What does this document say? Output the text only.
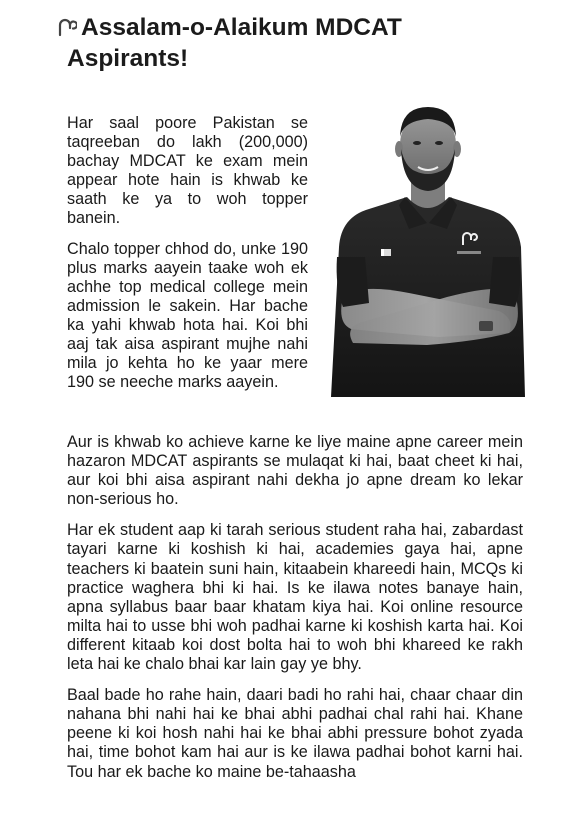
Assalam-o-Alaikum MDCAT
Aspirants!

Har saal poore Pakistan se taqreeban do lakh (200,000) bachay MDCAT ke exam mein appear hote hain is khwab ke saath ke ya to woh topper banein.

Chalo topper chhod do, unke 190 plus marks aayein taake woh ek achhe top medical college mein admission le sakein. Har bache ka yahi khwab hota hai. Koi bhi aaj tak aisa aspirant mujhe nahi mila jo kehta ho ke yaar mere 190 se neeche marks aayein.

Aur is khwab ko achieve karne ke liye maine apne career mein hazaron MDCAT aspirants se mulaqat ki hai, baat cheet ki hai, aur koi bhi aisa aspirant nahi dekha jo apne dream ko lekar non-serious ho.

Har ek student aap ki tarah serious student raha hai, zabardast tayari karne ki koshish ki hai, academies gaya hai, apne teachers ki baatein suni hain, kitaabein khareedi hain, MCQs ki practice waghera bhi ki hai. Is ke ilawa notes banaye hain, apna syllabus baar baar khatam kiya hai. Koi online resource milta hai to usse bhi woh padhai karne ki koshish karta hai. Koi different kitaab koi dost bolta hai to woh bhi khareed ke rakh leta hai ke chalo bhai kar lain gay ye bhy.

Baal bade ho rahe hain, daari badi ho rahi hai, chaar chaar din nahana bhi nahi hai ke bhai abhi padhai chal rahi hai. Khane peene ki koi hosh nahi hai ke bhai abhi pressure bohot zyada hai, time bohot kam hai aur is ke ilawa padhai bohot karni hai. Tou har ek bache ko maine be-tahaasha
